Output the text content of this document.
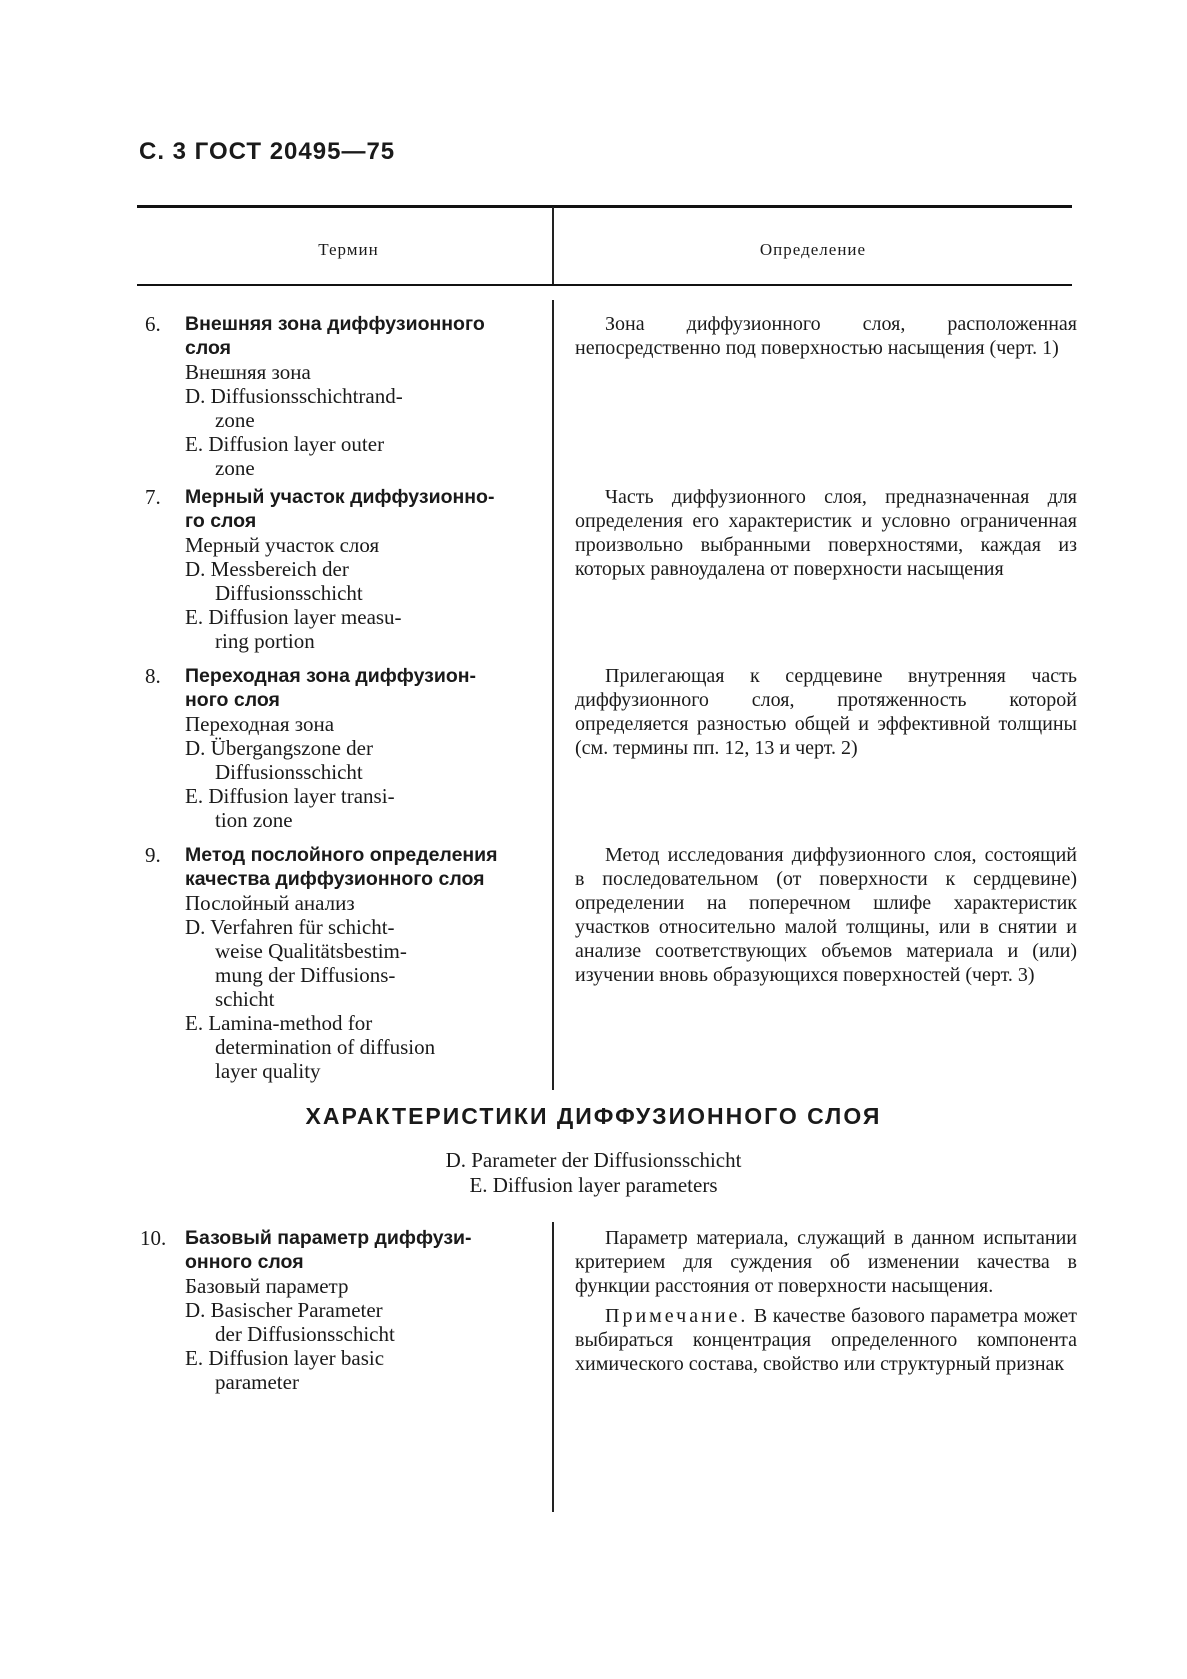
С. 3 ГОСТ 20495—75
Термин	Определение
6. Внешняя зона диффузионного
слоя
Внешняя зона
D. Diffusionsschichtrand-
zone
E. Diffusion layer outer
zone

Зона диффузионного слоя, расположенная непосредственно под поверхностью насыщения (черт. 1)

7. Мерный участок диффузионно-
го слоя
Мерный участок слоя
D. Messbereich der
Diffusionsschicht
E. Diffusion layer measu-
ring portion

Часть диффузионного слоя, предназначенная для определения его характеристик и условно ограниченная произвольно выбранными поверхностями, каждая из которых равноудалена от поверхности насыщения

8. Переходная зона диффузион-
ного слоя
Переходная зона
D. Übergangszone der
Diffusionsschicht
E. Diffusion layer transi-
tion zone

Прилегающая к сердцевине внутренняя часть диффузионного слоя, протяженность которой определяется разностью общей и эффективной толщины (см. термины пп. 12, 13 и черт. 2)

9. Метод послойного определения
качества диффузионного слоя
Послойный анализ
D. Verfahren für schicht-
weise Qualitätsbestim-
mung der Diffusions-
schicht
E. Lamina-method for
determination of diffusion
layer quality

Метод исследования диффузионного слоя, состоящий в последовательном (от поверхности к сердцевине) определении на поперечном шлифе характеристик участков относительно малой толщины, или в снятии и анализе соответствующих объемов материала и (или) изучении вновь образующихся поверхностей (черт. 3)

ХАРАКТЕРИСТИКИ ДИФФУЗИОННОГО СЛОЯ
D. Parameter der Diffusionsschicht
E. Diffusion layer parameters
10. Базовый параметр диффузи-
онного слоя
Базовый параметр
D. Basischer Parameter
der Diffusionsschicht
E. Diffusion layer basic
parameter

Параметр материала, служащий в данном испытании критерием для суждения об изменении качества в функции расстояния от поверхности насыщения.

Примечание. В качестве базового параметра может выбираться концентрация определенного компонента химического состава, свойство или структурный признак
